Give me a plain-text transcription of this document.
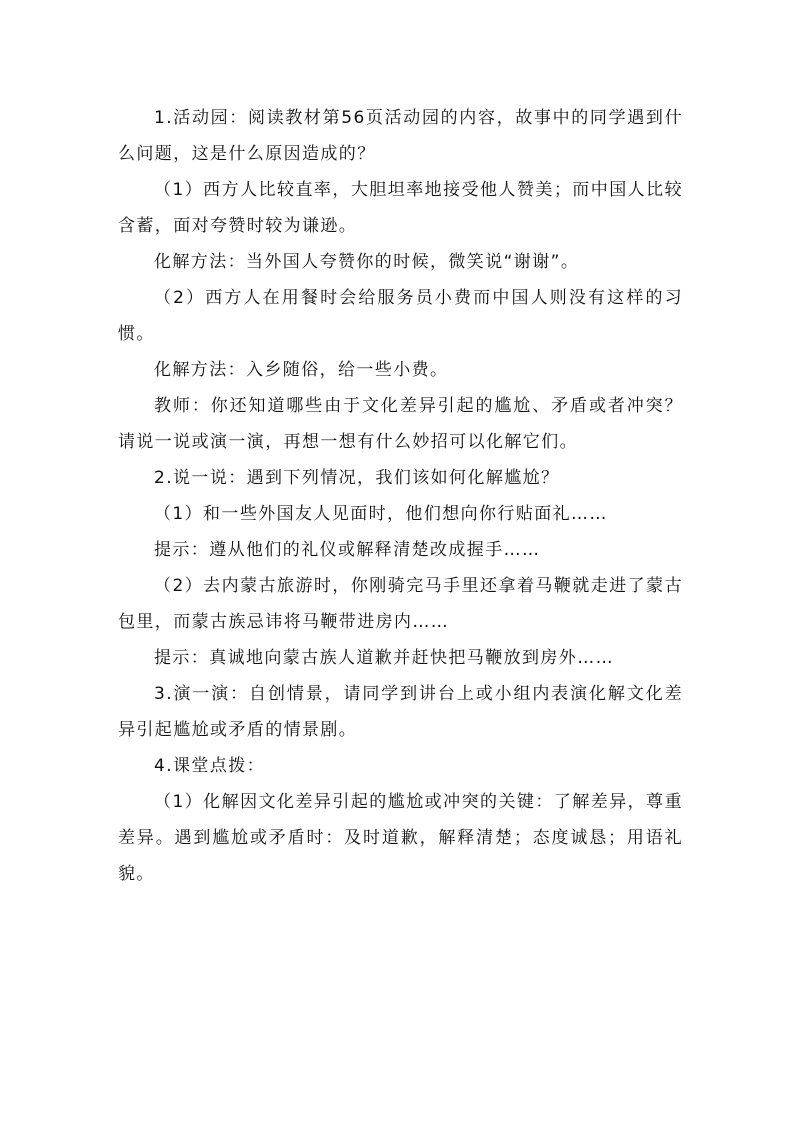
1.活动园：阅读教材第56页活动园的内容，故事中的同学遇到什么问题，这是什么原因造成的？

（1）西方人比较直率，大胆坦率地接受他人赞美；而中国人比较含蓄，面对夸赞时较为谦逊。

化解方法：当外国人夸赞你的时候，微笑说“谢谢”。

（2）西方人在用餐时会给服务员小费而中国人则没有这样的习惯。

化解方法：入乡随俗，给一些小费。

教师：你还知道哪些由于文化差异引起的尴尬、矛盾或者冲突？请说一说或演一演，再想一想有什么妙招可以化解它们。

2.说一说：遇到下列情况，我们该如何化解尴尬？

（1）和一些外国友人见面时，他们想向你行贴面礼……

提示：遵从他们的礼仪或解释清楚改成握手……

（2）去内蒙古旅游时，你刚骑完马手里还拿着马鞭就走进了蒙古包里，而蒙古族忌讳将马鞭带进房内……

提示：真诚地向蒙古族人道歉并赶快把马鞭放到房外……

3.演一演：自创情景，请同学到讲台上或小组内表演化解文化差异引起尴尬或矛盾的情景剧。

4.课堂点拨：

（1）化解因文化差异引起的尴尬或冲突的关键：了解差异，尊重差异。遇到尴尬或矛盾时：及时道歉，解释清楚；态度诚恳；用语礼貌。
